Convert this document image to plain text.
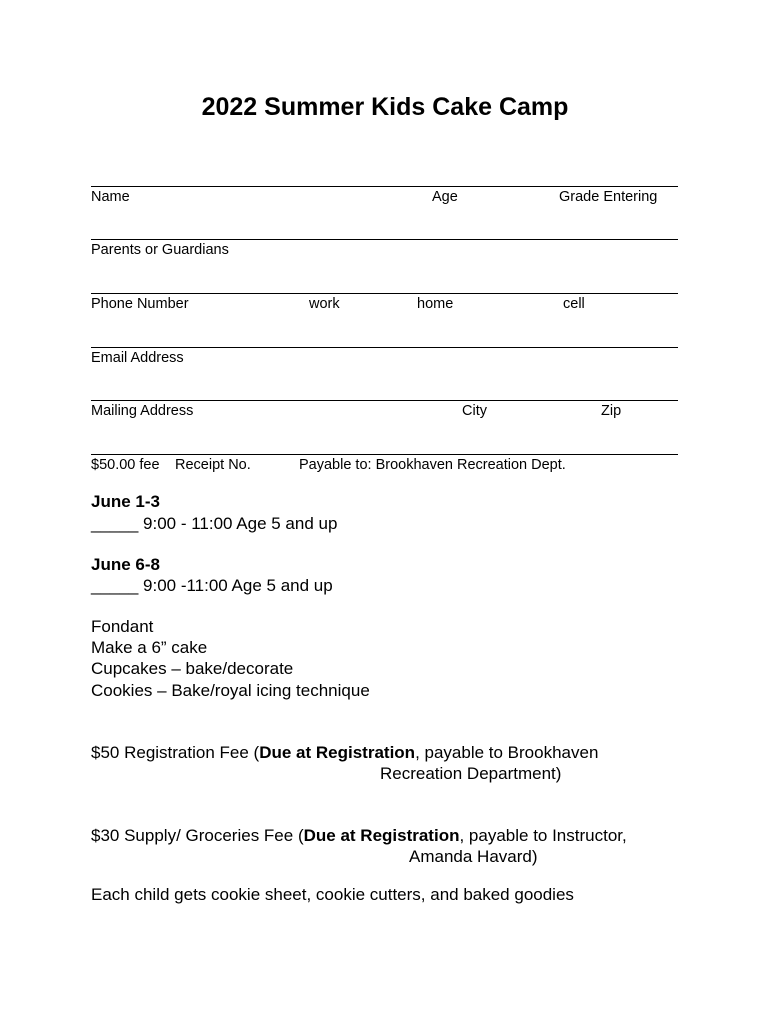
2022 Summer Kids Cake Camp
Name	Age	Grade Entering
Parents or Guardians
Phone Number	work	home	cell
Email Address
Mailing Address	City	Zip
$50.00 fee Receipt No.	Payable to: Brookhaven Recreation Dept.
June 1-3
_____ 9:00 - 11:00 Age 5 and up
June 6-8
_____ 9:00 -11:00 Age 5 and up
Fondant
Make a 6” cake
Cupcakes – bake/decorate
Cookies – Bake/royal icing technique
$50 Registration Fee (Due at Registration, payable to Brookhaven
Recreation Department)
$30 Supply/ Groceries Fee (Due at Registration, payable to Instructor,
Amanda Havard)
Each child gets cookie sheet, cookie cutters, and baked goodies
